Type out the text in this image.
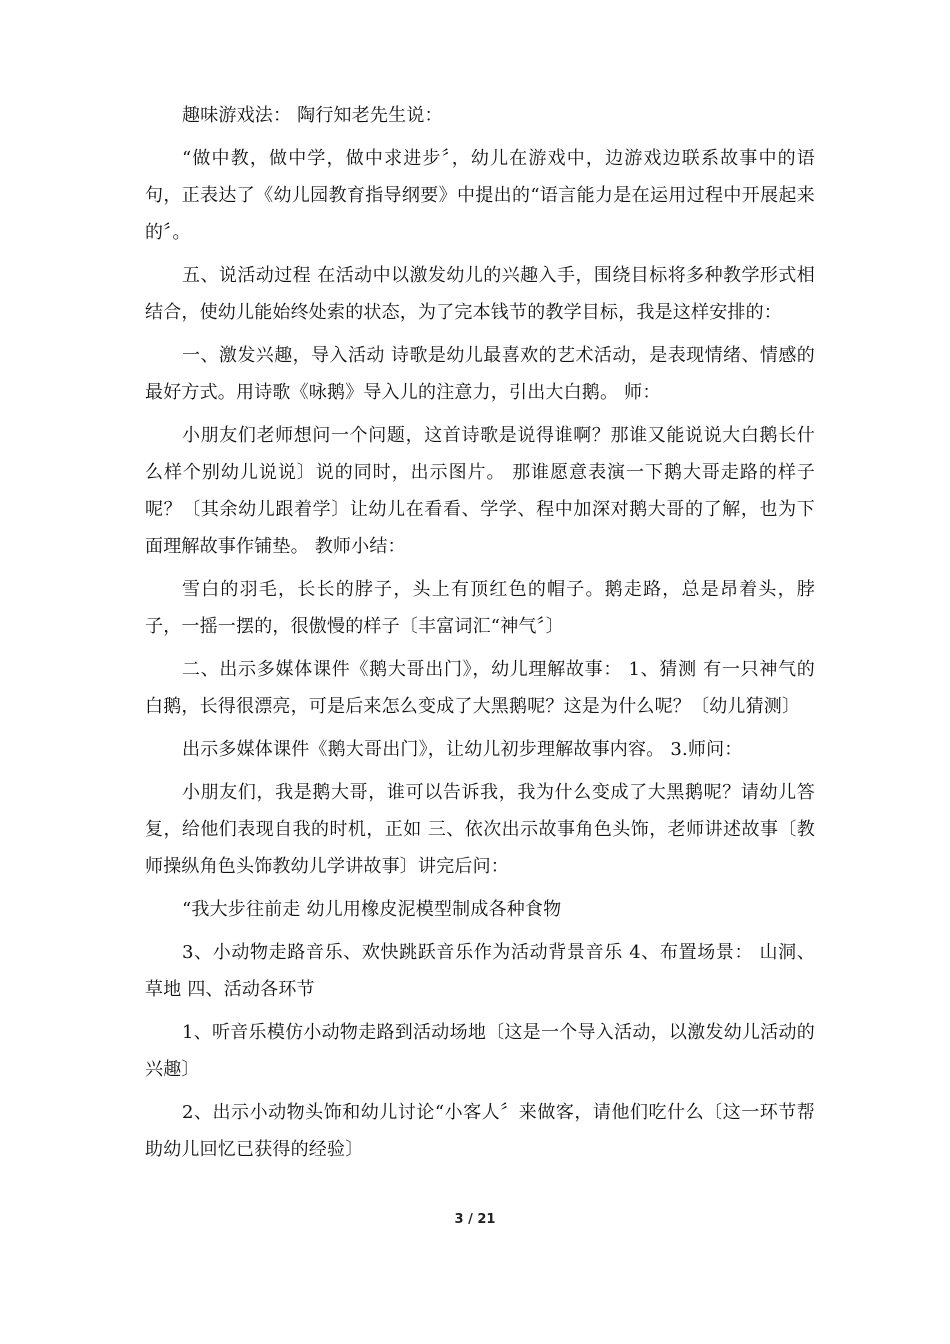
趣味游戏法： 陶行知老先生说：

“做中教，做中学，做中求进步〞，幼儿在游戏中，边游戏边联系故事中的语句，正表达了《幼儿园教育指导纲要》中提出的“语言能力是在运用过程中开展起来的〞。

五、说活动过程 在活动中以激发幼儿的兴趣入手，围绕目标将多种教学形式相结合，使幼儿能始终处索的状态，为了完本钱节的教学目标，我是这样安排的：

一、激发兴趣，导入活动 诗歌是幼儿最喜欢的艺术活动，是表现情绪、情感的最好方式。用诗歌《咏鹅》导入儿的注意力，引出大白鹅。 师：

小朋友们老师想问一个问题，这首诗歌是说得谁啊？那谁又能说说大白鹅长什么样个别幼儿说说〕说的同时，出示图片。 那谁愿意表演一下鹅大哥走路的样子呢？〔其余幼儿跟着学〕让幼儿在看看、学学、程中加深对鹅大哥的了解，也为下面理解故事作铺垫。 教师小结：

雪白的羽毛，长长的脖子，头上有顶红色的帽子。鹅走路，总是昂着头，脖子，一摇一摆的，很傲慢的样子〔丰富词汇“神气〞〕

二、出示多媒体课件《鹅大哥出门》，幼儿理解故事： 1、猜测 有一只神气的白鹅，长得很漂亮，可是后来怎么变成了大黑鹅呢？这是为什么呢？〔幼儿猜测〕

出示多媒体课件《鹅大哥出门》，让幼儿初步理解故事内容。 3.师问：

小朋友们，我是鹅大哥，谁可以告诉我，我为什么变成了大黑鹅呢？请幼儿答复，给他们表现自我的时机，正如 三、依次出示故事角色头饰，老师讲述故事〔教师操纵角色头饰教幼儿学讲故事〕讲完后问：

“我大步往前走 幼儿用橡皮泥模型制成各种食物

3、小动物走路音乐、欢快跳跃音乐作为活动背景音乐 4、布置场景： 山洞、草地 四、活动各环节

1、听音乐模仿小动物走路到活动场地〔这是一个导入活动，以激发幼儿活动的兴趣〕

2、出示小动物头饰和幼儿讨论“小客人〞来做客，请他们吃什么〔这一环节帮助幼儿回忆已获得的经验〕

3 / 21
